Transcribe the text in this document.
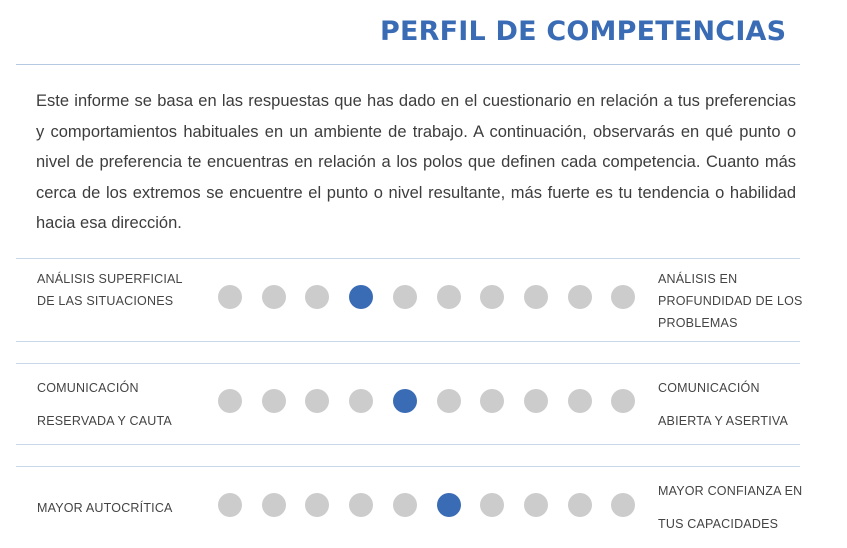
PERFIL DE COMPETENCIAS

Este informe se basa en las respuestas que has dado en el cuestionario en relación a tus preferencias y comportamientos habituales en un ambiente de trabajo. A continuación, observarás en qué punto o nivel de preferencia te encuentras en relación a los polos que definen cada competencia. Cuanto más cerca de los extremos se encuentre el punto o nivel resultante, más fuerte es tu tendencia o habilidad hacia esa dirección.

ANÁLISIS SUPERFICIAL
DE LAS SITUACIONES
ANÁLISIS EN
PROFUNDIDAD DE LOS
PROBLEMAS
COMUNICACIÓN
RESERVADA Y CAUTA
COMUNICACIÓN
ABIERTA Y ASERTIVA
MAYOR AUTOCRÍTICA
MAYOR CONFIANZA EN
TUS CAPACIDADES
